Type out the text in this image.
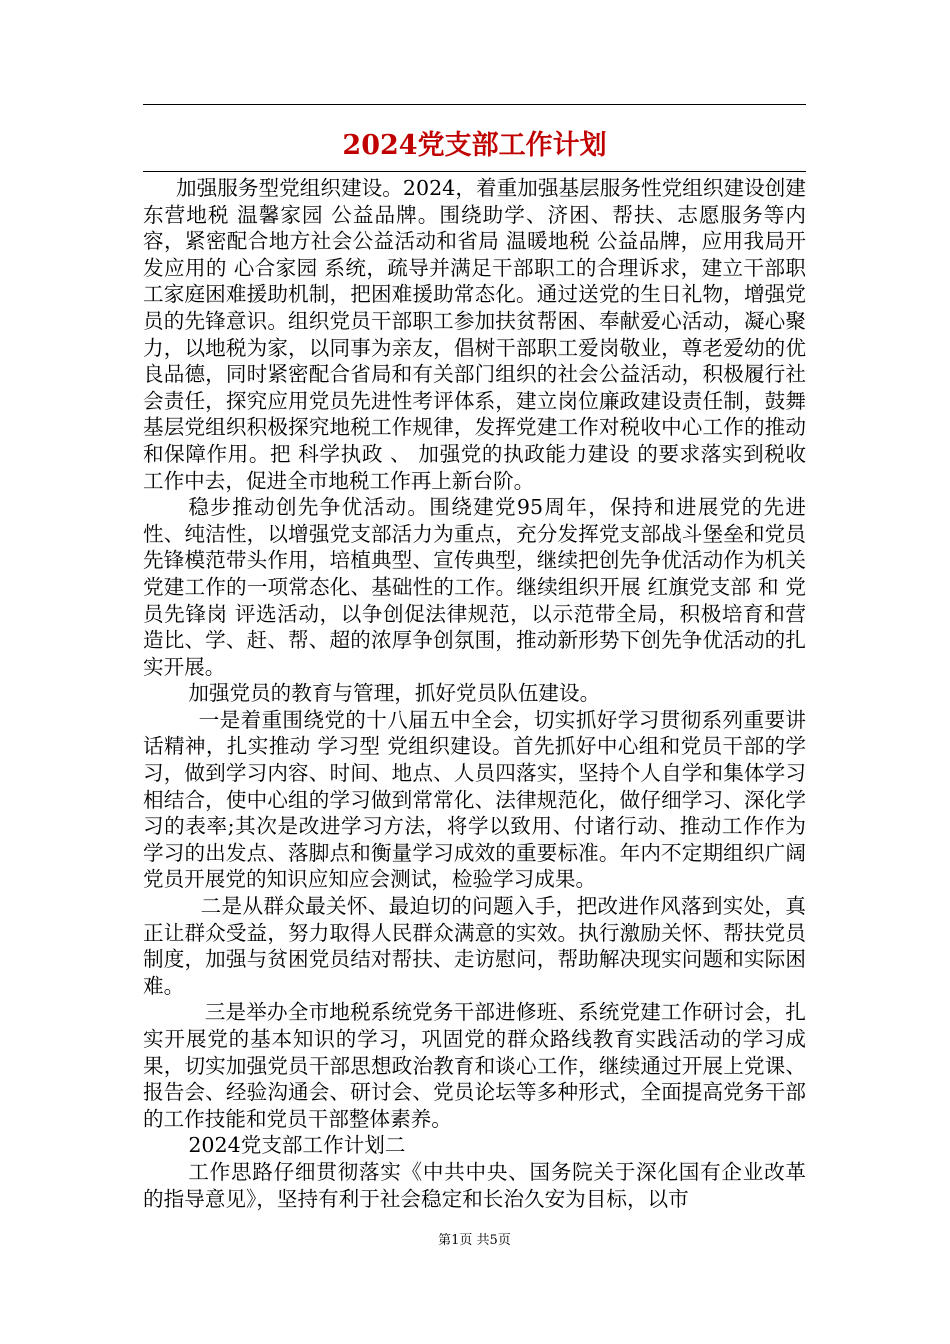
2024党支部工作计划

加强服务型党组织建设。2024，着重加强基层服务性党组织建设创建东营地税 温馨家园 公益品牌。围绕助学、济困、帮扶、志愿服务等内容，紧密配合地方社会公益活动和省局 温暖地税 公益品牌，应用我局开发应用的 心合家园 系统，疏导并满足干部职工的合理诉求，建立干部职工家庭困难援助机制，把困难援助常态化。通过送党的生日礼物，增强党员的先锋意识。组织党员干部职工参加扶贫帮困、奉献爱心活动，凝心聚力，以地税为家，以同事为亲友，倡树干部职工爱岗敬业，尊老爱幼的优良品德，同时紧密配合省局和有关部门组织的社会公益活动，积极履行社会责任，探究应用党员先进性考评体系，建立岗位廉政建设责任制，鼓舞基层党组织积极探究地税工作规律，发挥党建工作对税收中心工作的推动和保障作用。把 科学执政 、 加强党的执政能力建设 的要求落实到税收工作中去，促进全市地税工作再上新台阶。

稳步推动创先争优活动。围绕建党95周年，保持和进展党的先进性、纯洁性，以增强党支部活力为重点，充分发挥党支部战斗堡垒和党员先锋模范带头作用，培植典型、宣传典型，继续把创先争优活动作为机关党建工作的一项常态化、基础性的工作。继续组织开展 红旗党支部 和 党员先锋岗 评选活动，以争创促法律规范，以示范带全局，积极培育和营造比、学、赶、帮、超的浓厚争创氛围，推动新形势下创先争优活动的扎实开展。

加强党员的教育与管理，抓好党员队伍建设。

一是着重围绕党的十八届五中全会，切实抓好学习贯彻系列重要讲话精神，扎实推动 学习型 党组织建设。首先抓好中心组和党员干部的学习，做到学习内容、时间、地点、人员四落实，坚持个人自学和集体学习相结合，使中心组的学习做到常常化、法律规范化，做仔细学习、深化学习的表率;其次是改进学习方法，将学以致用、付诸行动、推动工作作为学习的出发点、落脚点和衡量学习成效的重要标准。年内不定期组织广阔党员开展党的知识应知应会测试，检验学习成果。

二是从群众最关怀、最迫切的问题入手，把改进作风落到实处，真正让群众受益，努力取得人民群众满意的实效。执行激励关怀、帮扶党员制度，加强与贫困党员结对帮扶、走访慰问，帮助解决现实问题和实际困难。

三是举办全市地税系统党务干部进修班、系统党建工作研讨会，扎实开展党的基本知识的学习，巩固党的群众路线教育实践活动的学习成果，切实加强党员干部思想政治教育和谈心工作，继续通过开展上党课、报告会、经验沟通会、研讨会、党员论坛等多种形式，全面提高党务干部的工作技能和党员干部整体素养。

2024党支部工作计划二

工作思路仔细贯彻落实《中共中央、国务院关于深化国有企业改革的指导意见》，坚持有利于社会稳定和长治久安为目标，以市

第1页 共5页
